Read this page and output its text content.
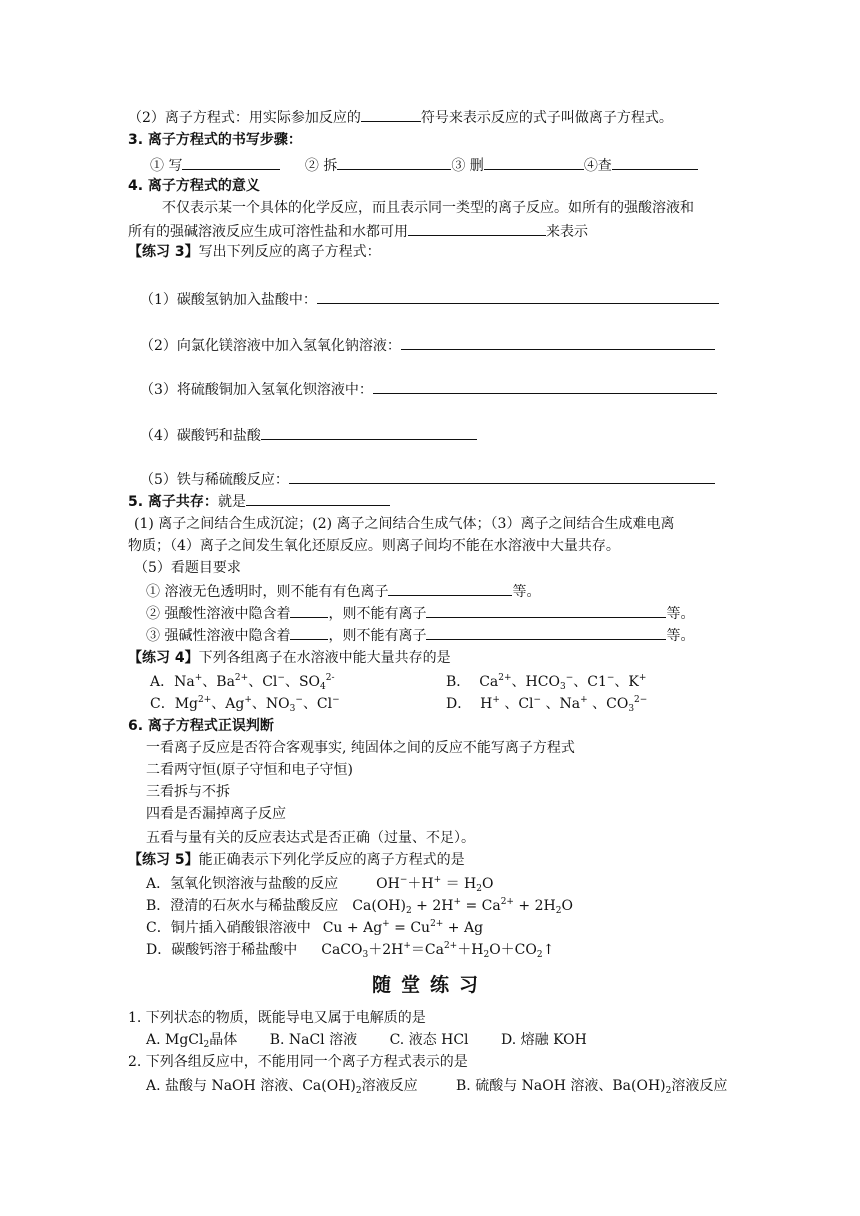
（2）离子方程式：用实际参加反应的	符号来表示反应的式子叫做离子方程式。
3. 离子方程式的书写步骤：
① 写	② 拆	③ 删	④查
4. 离子方程式的意义
不仅表示某一个具体的化学反应，而且表示同一类型的离子反应。如所有的强酸溶液和
所有的强碱溶液反应生成可溶性盐和水都可用	来表示
【练习 3】写出下列反应的离子方程式：
（1）碳酸氢钠加入盐酸中：
（2）向氯化镁溶液中加入氢氧化钠溶液：
（3）将硫酸铜加入氢氧化钡溶液中：
（4）碳酸钙和盐酸
（5）铁与稀硫酸反应：
5. 离子共存：就是
(1) 离子之间结合生成沉淀；(2) 离子之间结合生成气体；（3）离子之间结合生成难电离
物质；（4）离子之间发生氧化还原反应。则离子间均不能在水溶液中大量共存。
（5）看题目要求
① 溶液无色透明时，则不能有有色离子	等。
② 强酸性溶液中隐含着	，则不能有离子	等。
③ 强碱性溶液中隐含着	，则不能有离子	等。
【练习 4】下列各组离子在水溶液中能大量共存的是
A．Na+、$Ba^{2+}$、Cl−、$SO_4^{2-}$	B．  $Ca^{2+}$、$HCO_3^-$、C1−、K+
C．$Mg^{2+}$、Ag+、$NO_3^-$、Cl−	D．  H+ 、Cl− 、Na+ 、$CO_3^{2-}$
6. 离子方程式正误判断
一看离子反应是否符合客观事实, 纯固体之间的反应不能写离子方程式
二看两守恒(原子守恒和电子守恒)
三看拆与不拆
四看是否漏掉离子反应
五看与量有关的反应表达式是否正确（过量、不足）。
【练习 5】能正确表示下列化学反应的离子方程式的是
A．氢氧化钡溶液与盐酸的反应	$OH^-+H^+ = H_2O$
B．澄清的石灰水与稀盐酸反应 $Ca(OH)_2 + 2H^+ = Ca^{2+} + 2H_2O$
C．铜片插入硝酸银溶液中 $Cu + Ag^+ = Cu^{2+} + Ag$
D．碳酸钙溶于稀盐酸中 $CaCO_3+2H^+=Ca^{2+}+H_2O+CO_2↑$
随堂练习
1. 下列状态的物质，既能导电又属于电解质的是
A. MgCl$_2$晶体 B. NaCl 溶液 C. 液态 HCl D. 熔融 KOH
2. 下列各组反应中，不能用同一个离子方程式表示的是
A. 盐酸与 NaOH 溶液、$Ca(OH)_2$溶液反应	B. 硫酸与 NaOH 溶液、$Ba(OH)_2$溶液反应
